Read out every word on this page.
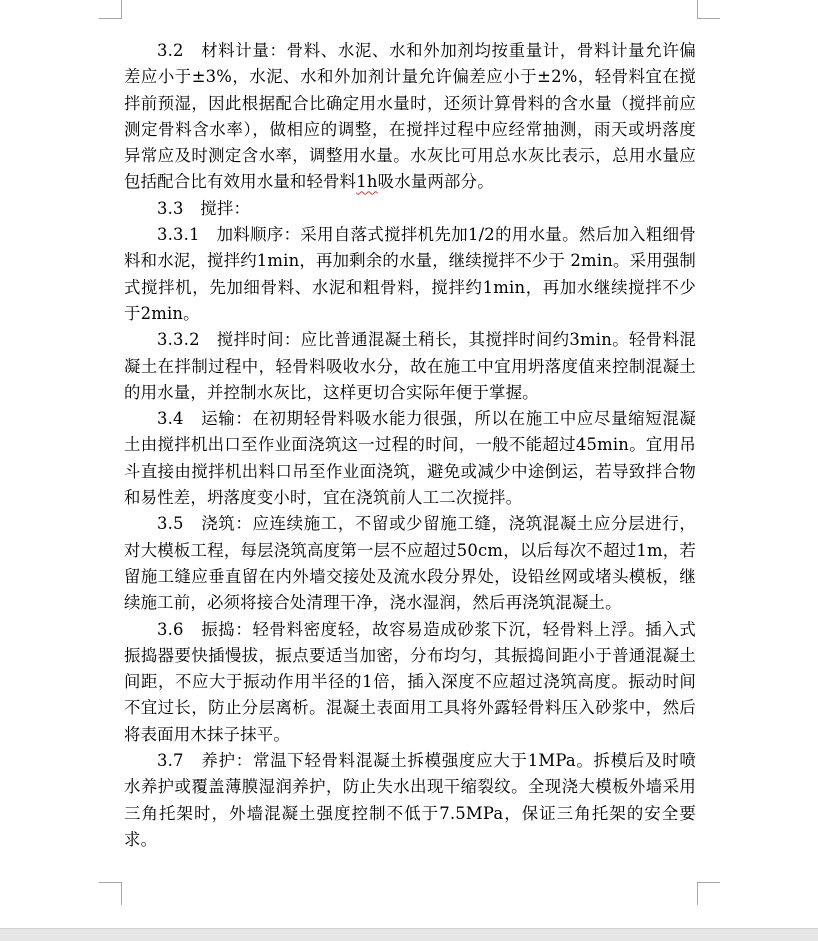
3.2　材料计量：骨料、水泥、水和外加剂均按重量计，骨料计量允许偏差应小于±3%，水泥、水和外加剂计量允许偏差应小于±2%，轻骨料宜在搅拌前预湿，因此根据配合比确定用水量时，还须计算骨料的含水量（搅拌前应测定骨料含水率），做相应的调整，在搅拌过程中应经常抽测，雨天或坍落度异常应及时测定含水率，调整用水量。水灰比可用总水灰比表示，总用水量应包括配合比有效用水量和轻骨料1h吸水量两部分。

3.3　搅拌：

3.3.1　加料顺序：采用自落式搅拌机先加1/2的用水量。然后加入粗细骨料和水泥，搅拌约1min，再加剩余的水量，继续搅拌不少于 2min。采用强制式搅拌机，先加细骨料、水泥和粗骨料，搅拌约1min，再加水继续搅拌不少于2min。

3.3.2　搅拌时间：应比普通混凝土稍长，其搅拌时间约3min。轻骨料混凝土在拌制过程中，轻骨料吸收水分，故在施工中宜用坍落度值来控制混凝土的用水量，并控制水灰比，这样更切合实际年便于掌握。

3.4　运输：在初期轻骨料吸水能力很强，所以在施工中应尽量缩短混凝土由搅拌机出口至作业面浇筑这一过程的时间，一般不能超过45min。宜用吊斗直接由搅拌机出料口吊至作业面浇筑，避免或减少中途倒运，若导致拌合物和易性差，坍落度变小时，宜在浇筑前人工二次搅拌。

3.5　浇筑：应连续施工，不留或少留施工缝，浇筑混凝土应分层进行，对大模板工程，每层浇筑高度第一层不应超过50cm，以后每次不超过1m，若留施工缝应垂直留在内外墙交接处及流水段分界处，设铅丝网或堵头模板，继续施工前，必须将接合处清理干净，浇水湿润，然后再浇筑混凝土。

3.6　振捣：轻骨料密度轻，故容易造成砂浆下沉，轻骨料上浮。插入式振捣器要快插慢拔，振点要适当加密，分布均匀，其振捣间距小于普通混凝土间距，不应大于振动作用半径的1倍，插入深度不应超过浇筑高度。振动时间不宜过长，防止分层离析。混凝土表面用工具将外露轻骨料压入砂浆中，然后将表面用木抹子抹平。

3.7　养护：常温下轻骨料混凝土拆模强度应大于1MPa。拆模后及时喷水养护或覆盖薄膜湿润养护，防止失水出现干缩裂纹。全现浇大模板外墙采用三角托架时，外墙混凝土强度控制不低于7.5MPa，保证三角托架的安全要求。
